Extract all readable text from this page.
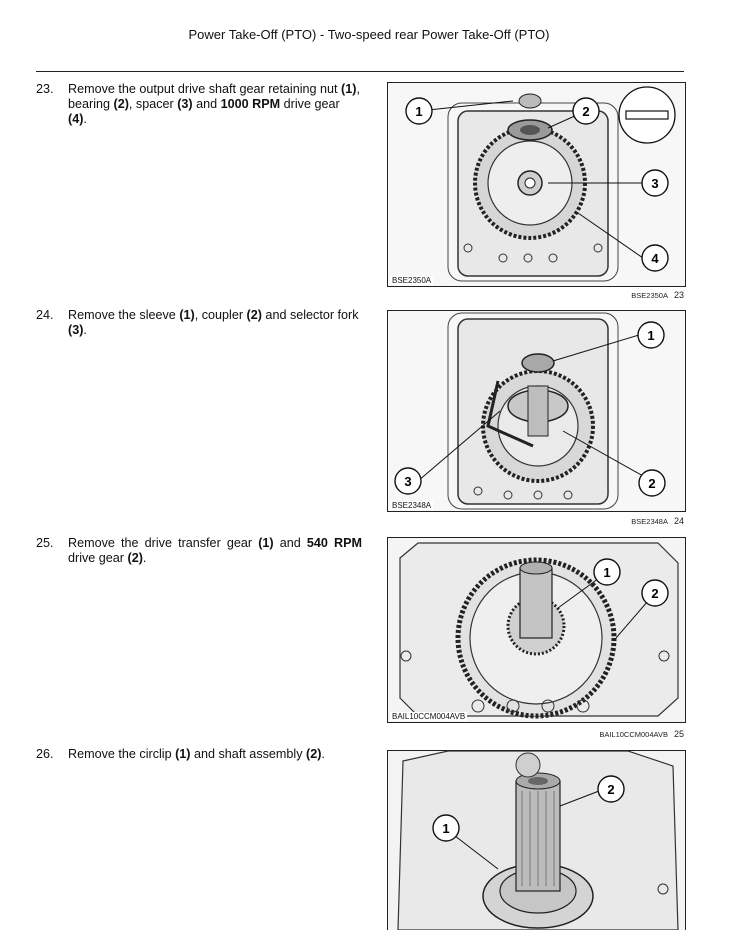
Power Take-Off (PTO) - Two-speed rear Power Take-Off (PTO)
23. Remove the output drive shaft gear retaining nut (1), bearing (2), spacer (3) and 1000 RPM drive gear (4).	1	2
3
4
BSE2350A
BSE2350A 23
24. Remove the sleeve (1), coupler (2) and selector fork (3).	1
3	2
BSE2348A
BSE2348A 24
25. Remove the drive transfer gear (1) and 540 RPM drive gear (2).
1
2
BAIL10CCM004AVB
BAIL10CCM004AVB 25
26. Remove the circlip (1) and shaft assembly (2).
2
1
